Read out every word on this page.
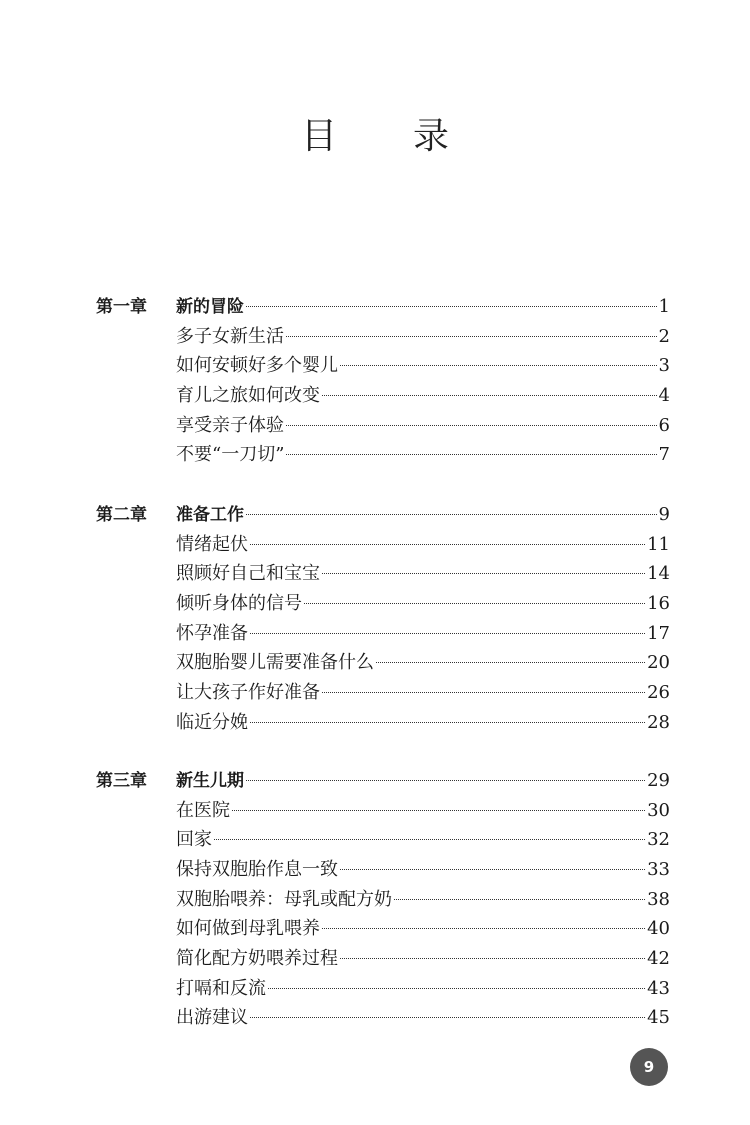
目 录
第一章	新的冒险	1
多子女新生活	2
如何安顿好多个婴儿	3
育儿之旅如何改变	4
享受亲子体验	6
不要“一刀切”	7
第二章	准备工作	9
情绪起伏	11
照顾好自己和宝宝	14
倾听身体的信号	16
怀孕准备	17
双胞胎婴儿需要准备什么	20
让大孩子作好准备	26
临近分娩	28
第三章	新生儿期	29
在医院	30
回家	32
保持双胞胎作息一致	33
双胞胎喂养：母乳或配方奶	38
如何做到母乳喂养	40
简化配方奶喂养过程	42
打嗝和反流	43
出游建议	45
9
